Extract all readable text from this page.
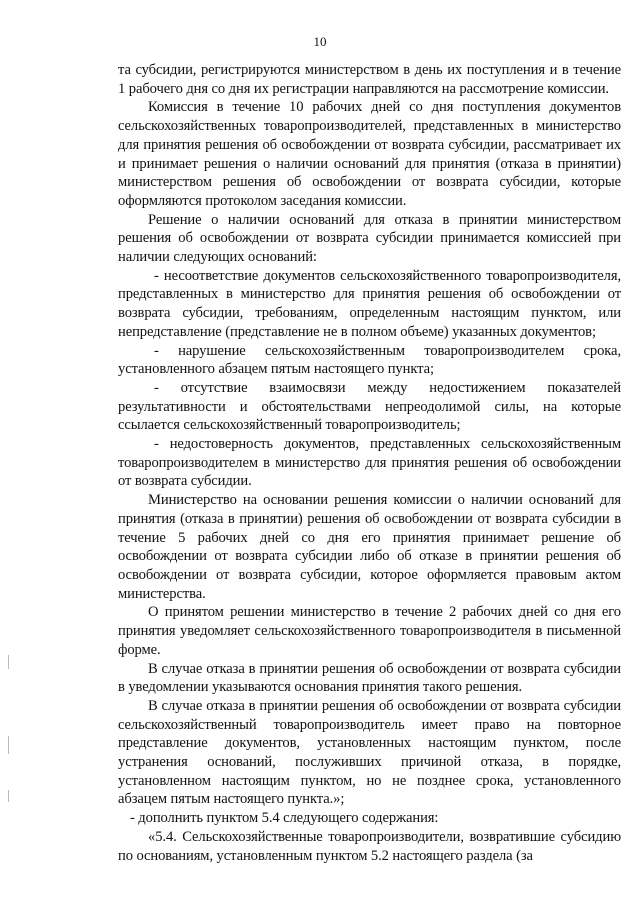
10

та субсидии, регистрируются министерством в день их поступления и в течение 1 рабочего дня со дня их регистрации направляются на рассмотрение комиссии.

Комиссия в течение 10 рабочих дней со дня поступления документов сельскохозяйственных товаропроизводителей, представленных в министерство для принятия решения об освобождении от возврата субсидии, рассматривает их и принимает решения о наличии оснований для принятия (отказа в принятии) министерством решения об освобождении от возврата субсидии, которые оформляются протоколом заседания комиссии.

Решение о наличии оснований для отказа в принятии министерством решения об освобождении от возврата субсидии принимается комиссией при наличии следующих оснований:

- несоответствие документов сельскохозяйственного товаропроизводителя, представленных в министерство для принятия решения об освобождении от возврата субсидии, требованиям, определенным настоящим пунктом, или непредставление (представление не в полном объеме) указанных документов;

- нарушение сельскохозяйственным товаропроизводителем срока, установленного абзацем пятым настоящего пункта;

- отсутствие взаимосвязи между недостижением показателей результативности и обстоятельствами непреодолимой силы, на которые ссылается сельскохозяйственный товаропроизводитель;

- недостоверность документов, представленных сельскохозяйственным товаропроизводителем в министерство для принятия решения об освобождении от возврата субсидии.

Министерство на основании решения комиссии о наличии оснований для принятия (отказа в принятии) решения об освобождении от возврата субсидии в течение 5 рабочих дней со дня его принятия принимает решение об освобождении от возврата субсидии либо об отказе в принятии решения об освобождении от возврата субсидии, которое оформляется правовым актом министерства.

О принятом решении министерство в течение 2 рабочих дней со дня его принятия уведомляет сельскохозяйственного товаропроизводителя в письменной форме.

В случае отказа в принятии решения об освобождении от возврата субсидии в уведомлении указываются основания принятия такого решения.

В случае отказа в принятии решения об освобождении от возврата субсидии сельскохозяйственный товаропроизводитель имеет право на повторное представление документов, установленных настоящим пунктом, после устранения оснований, послуживших причиной отказа, в порядке, установленном настоящим пунктом, но не позднее срока, установленного абзацем пятым настоящего пункта.»;

- дополнить пунктом 5.4 следующего содержания:

«5.4. Сельскохозяйственные товаропроизводители, возвратившие субсидию по основаниям, установленным пунктом 5.2 настоящего раздела (за
